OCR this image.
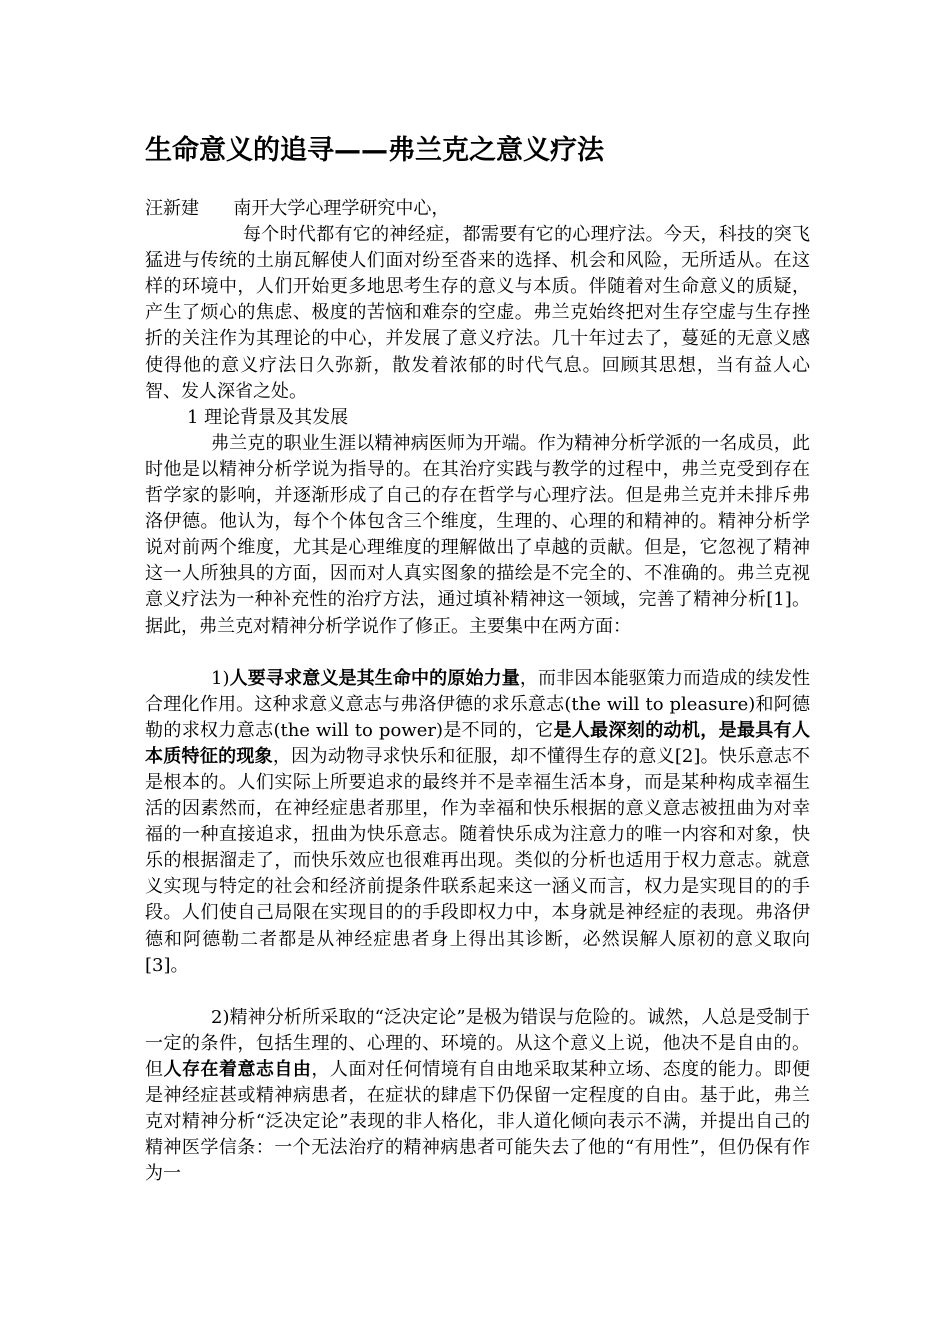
生命意义的追寻——弗兰克之意义疗法

汪新建 南开大学心理学研究中心，

每个时代都有它的神经症，都需要有它的心理疗法。今天，科技的突飞猛进与传统的土崩瓦解使人们面对纷至沓来的选择、机会和风险，无所适从。在这样的环境中，人们开始更多地思考生存的意义与本质。伴随着对生命意义的质疑，产生了烦心的焦虑、极度的苦恼和难奈的空虚。弗兰克始终把对生存空虚与生存挫折的关注作为其理论的中心，并发展了意义疗法。几十年过去了，蔓延的无意义感使得他的意义疗法日久弥新，散发着浓郁的时代气息。回顾其思想，当有益人心智、发人深省之处。

1 理论背景及其发展

弗兰克的职业生涯以精神病医师为开端。作为精神分析学派的一名成员，此时他是以精神分析学说为指导的。在其治疗实践与教学的过程中，弗兰克受到存在哲学家的影响，并逐渐形成了自己的存在哲学与心理疗法。但是弗兰克并未排斥弗洛伊德。他认为，每个个体包含三个维度，生理的、心理的和精神的。精神分析学说对前两个维度，尤其是心理维度的理解做出了卓越的贡献。但是，它忽视了精神这一人所独具的方面，因而对人真实图象的描绘是不完全的、不准确的。弗兰克视意义疗法为一种补充性的治疗方法，通过填补精神这一领域，完善了精神分析[1]。据此，弗兰克对精神分析学说作了修正。主要集中在两方面：

1)人要寻求意义是其生命中的原始力量，而非因本能驱策力而造成的续发性合理化作用。这种求意义意志与弗洛伊德的求乐意志(the will to pleasure)和阿德勒的求权力意志(the will to power)是不同的，它是人最深刻的动机，是最具有人本质特征的现象，因为动物寻求快乐和征服，却不懂得生存的意义[2]。快乐意志不是根本的。人们实际上所要追求的最终并不是幸福生活本身，而是某种构成幸福生活的因素然而，在神经症患者那里，作为幸福和快乐根据的意义意志被扭曲为对幸福的一种直接追求，扭曲为快乐意志。随着快乐成为注意力的唯一内容和对象，快乐的根据溜走了，而快乐效应也很难再出现。类似的分析也适用于权力意志。就意义实现与特定的社会和经济前提条件联系起来这一涵义而言，权力是实现目的的手段。人们使自己局限在实现目的的手段即权力中，本身就是神经症的表现。弗洛伊德和阿德勒二者都是从神经症患者身上得出其诊断，必然误解人原初的意义取向[3]。

2)精神分析所采取的“泛决定论”是极为错误与危险的。诚然，人总是受制于一定的条件，包括生理的、心理的、环境的。从这个意义上说，他决不是自由的。但人存在着意志自由，人面对任何情境有自由地采取某种立场、态度的能力。即便是神经症甚或精神病患者，在症状的肆虐下仍保留一定程度的自由。基于此，弗兰克对精神分析“泛决定论”表现的非人格化，非人道化倾向表示不满，并提出自己的精神医学信条：一个无法治疗的精神病患者可能失去了他的“有用性”，但仍保有作为一
